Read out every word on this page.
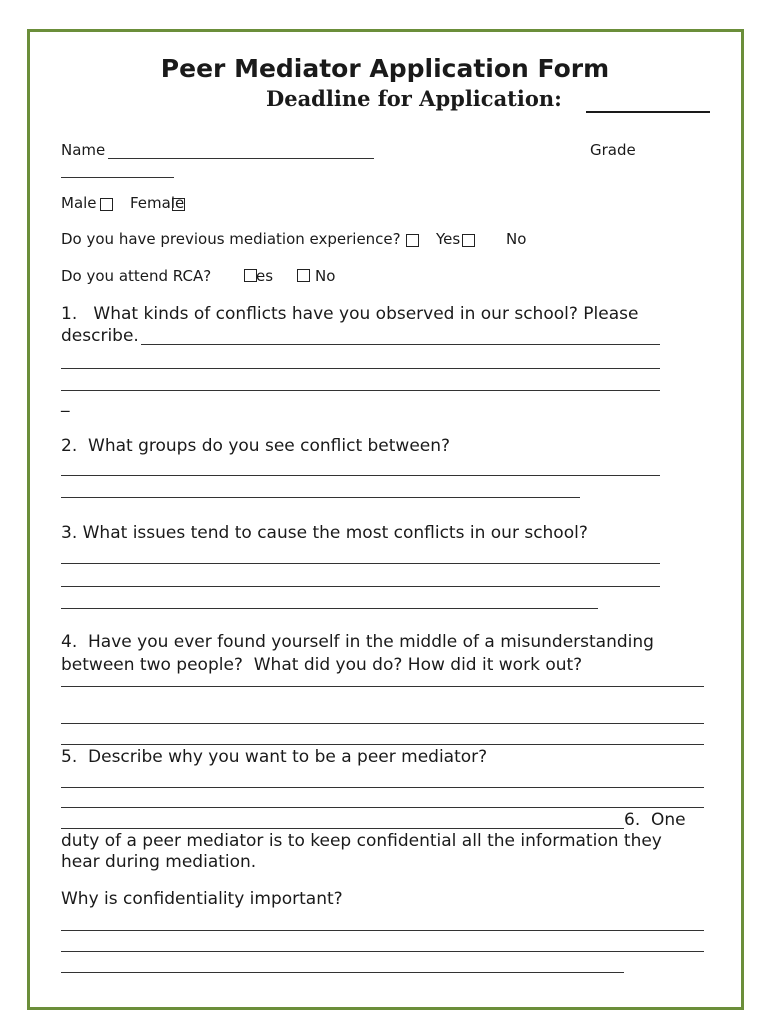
Peer Mediator Application Form
Deadline for Application:
Name	Grade
Male Female
Do you have previous mediation experience? Yes	No
Do you attend RCA?	es	No
1.   What kinds of conflicts have you observed in our school? Please
describe.
_
2.  What groups do you see conflict between?
3. What issues tend to cause the most conflicts in our school?
4.  Have you ever found yourself in the middle of a misunderstanding
between two people?  What did you do? How did it work out?
5.  Describe why you want to be a peer mediator?
6.  One
duty of a peer mediator is to keep confidential all the information they
hear during mediation.
Why is confidentiality important?
